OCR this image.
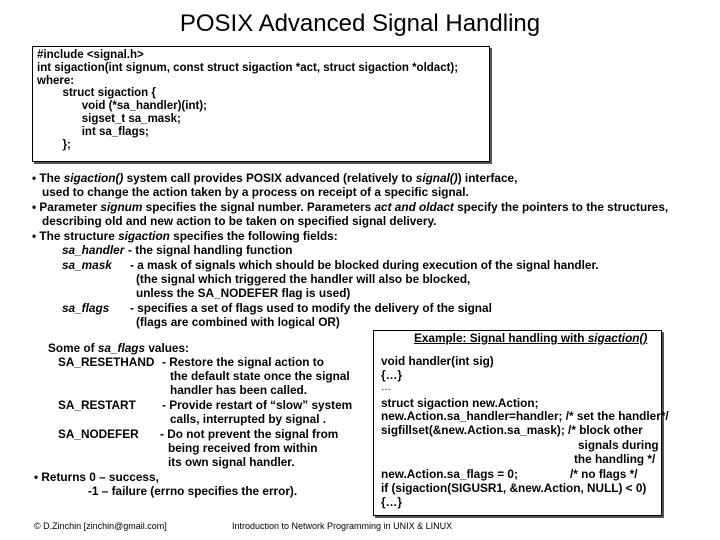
POSIX Advanced Signal Handling
#include <signal.h>
int sigaction(int signum, const struct sigaction *act, struct sigaction *oldact);
where:
struct sigaction {
void (*sa_handler)(int);
sigset_t sa_mask;
int sa_flags;
};
• The sigaction() system call provides POSIX advanced (relatively to signal()) interface,
used to change the action taken by a process on receipt of a specific signal.
• Parameter signum specifies the signal number. Parameters act and oldact specify the pointers to the structures,
describing old and new action to be taken on specified signal delivery.
• The structure sigaction specifies the following fields:
sa_handler - the signal handling function
sa_mask - a mask of signals which should be blocked during execution of the signal handler.
(the signal which triggered the handler will also be blocked,
unless the SA_NODEFER flag is used)
sa_flags - specifies a set of flags used to modify the delivery of the signal
(flags are combined with logical OR)
Some of sa_flags values:
SA_RESETHAND - Restore the signal action to
the default state once the signal
handler has been called.
SA_RESTART - Provide restart of “slow” system
calls, interrupted by signal .
SA_NODEFER - Do not prevent the signal from
being received from within
its own signal handler.
• Returns 0 – success,
-1 – failure (errno specifies the error).
Example: Signal handling with sigaction()
void handler(int sig)
{…}
…
struct sigaction new.Action;
new.Action.sa_handler=handler; /* set the handler*/
sigfillset(&new.Action.sa_mask); /* block other
signals during
the handling */
new.Action.sa_flags = 0;	/* no flags */
if (sigaction(SIGUSR1, &new.Action, NULL) < 0)
{…}
© D.Zinchin [zinchin@gmail.com]	Introduction to Network Programming in UNIX & LINUX
